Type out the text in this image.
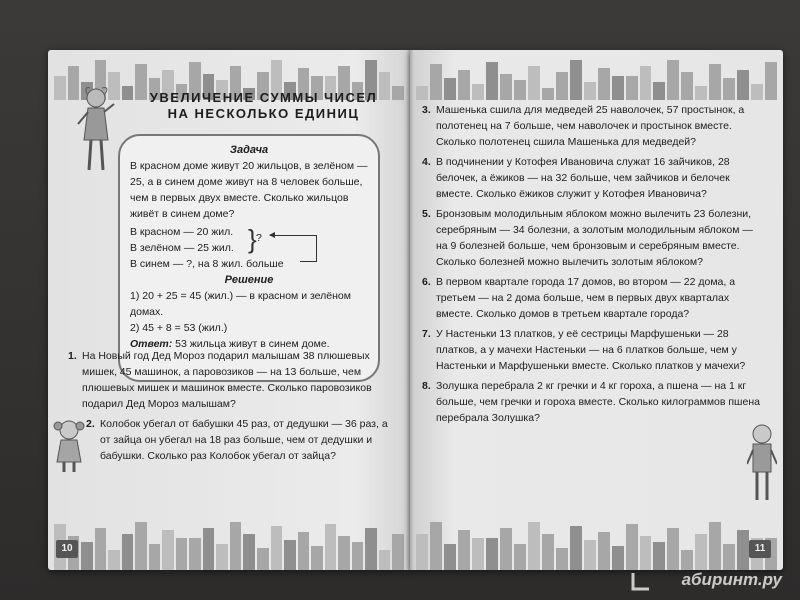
УВЕЛИЧЕНИЕ СУММЫ ЧИСЕЛ
НА НЕСКОЛЬКО ЕДИНИЦ
Задача

В красном доме живут 20 жильцов, в зелёном — 25, а в синем доме живут на 8 человек больше, чем в первых двух вместе. Сколько жильцов живёт в синем доме?

В красном — 20 жил.
В зелёном — 25 жил.
В синем — ?, на 8 жил. больше
} ?
Решение
1) 20 + 25 = 45 (жил.) — в красном и зелёном домах.
2) 45 + 8 = 53 (жил.)
Ответ: 53 жильца живут в синем доме.
1. На Новый год Дед Мороз подарил малышам 38 плюшевых мишек, 45 машинок, а паровозиков — на 13 больше, чем плюшевых мишек и машинок вместе. Сколько паровозиков подарил Дед Мороз малышам?
2. Колобок убегал от бабушки 45 раз, от дедушки — 36 раз, а от зайца он убегал на 18 раз больше, чем от дедушки и бабушки. Сколько раз Колобок убегал от зайца?
10
3. Машенька сшила для медведей 25 наволочек, 57 простынок, а полотенец на 7 больше, чем наволочек и простынок вместе. Сколько полотенец сшила Машенька для медведей?
4. В подчинении у Котофея Ивановича служат 16 зайчиков, 28 белочек, а ёжиков — на 32 больше, чем зайчиков и белочек вместе. Сколько ёжиков служит у Котофея Ивановича?
5. Бронзовым молодильным яблоком можно вылечить 23 болезни, серебряным — 34 болезни, а золотым молодильным яблоком — на 9 болезней больше, чем бронзовым и серебряным вместе. Сколько болезней можно вылечить золотым яблоком?
6. В первом квартале города 17 домов, во втором — 22 дома, а третьем — на 2 дома больше, чем в первых двух кварталах вместе. Сколько домов в третьем квартале города?
7. У Настеньки 13 платков, у её сестрицы Марфушеньки — 28 платков, а у мачехи Настеньки — на 6 платков больше, чем у Настеньки и Марфушеньки вместе. Сколько платков у мачехи?
8. Золушка перебрала 2 кг гречки и 4 кг гороха, а пшена — на 1 кг больше, чем гречки и гороха вместе. Сколько килограммов пшена перебрала Золушка?
11
абиринт.ру
